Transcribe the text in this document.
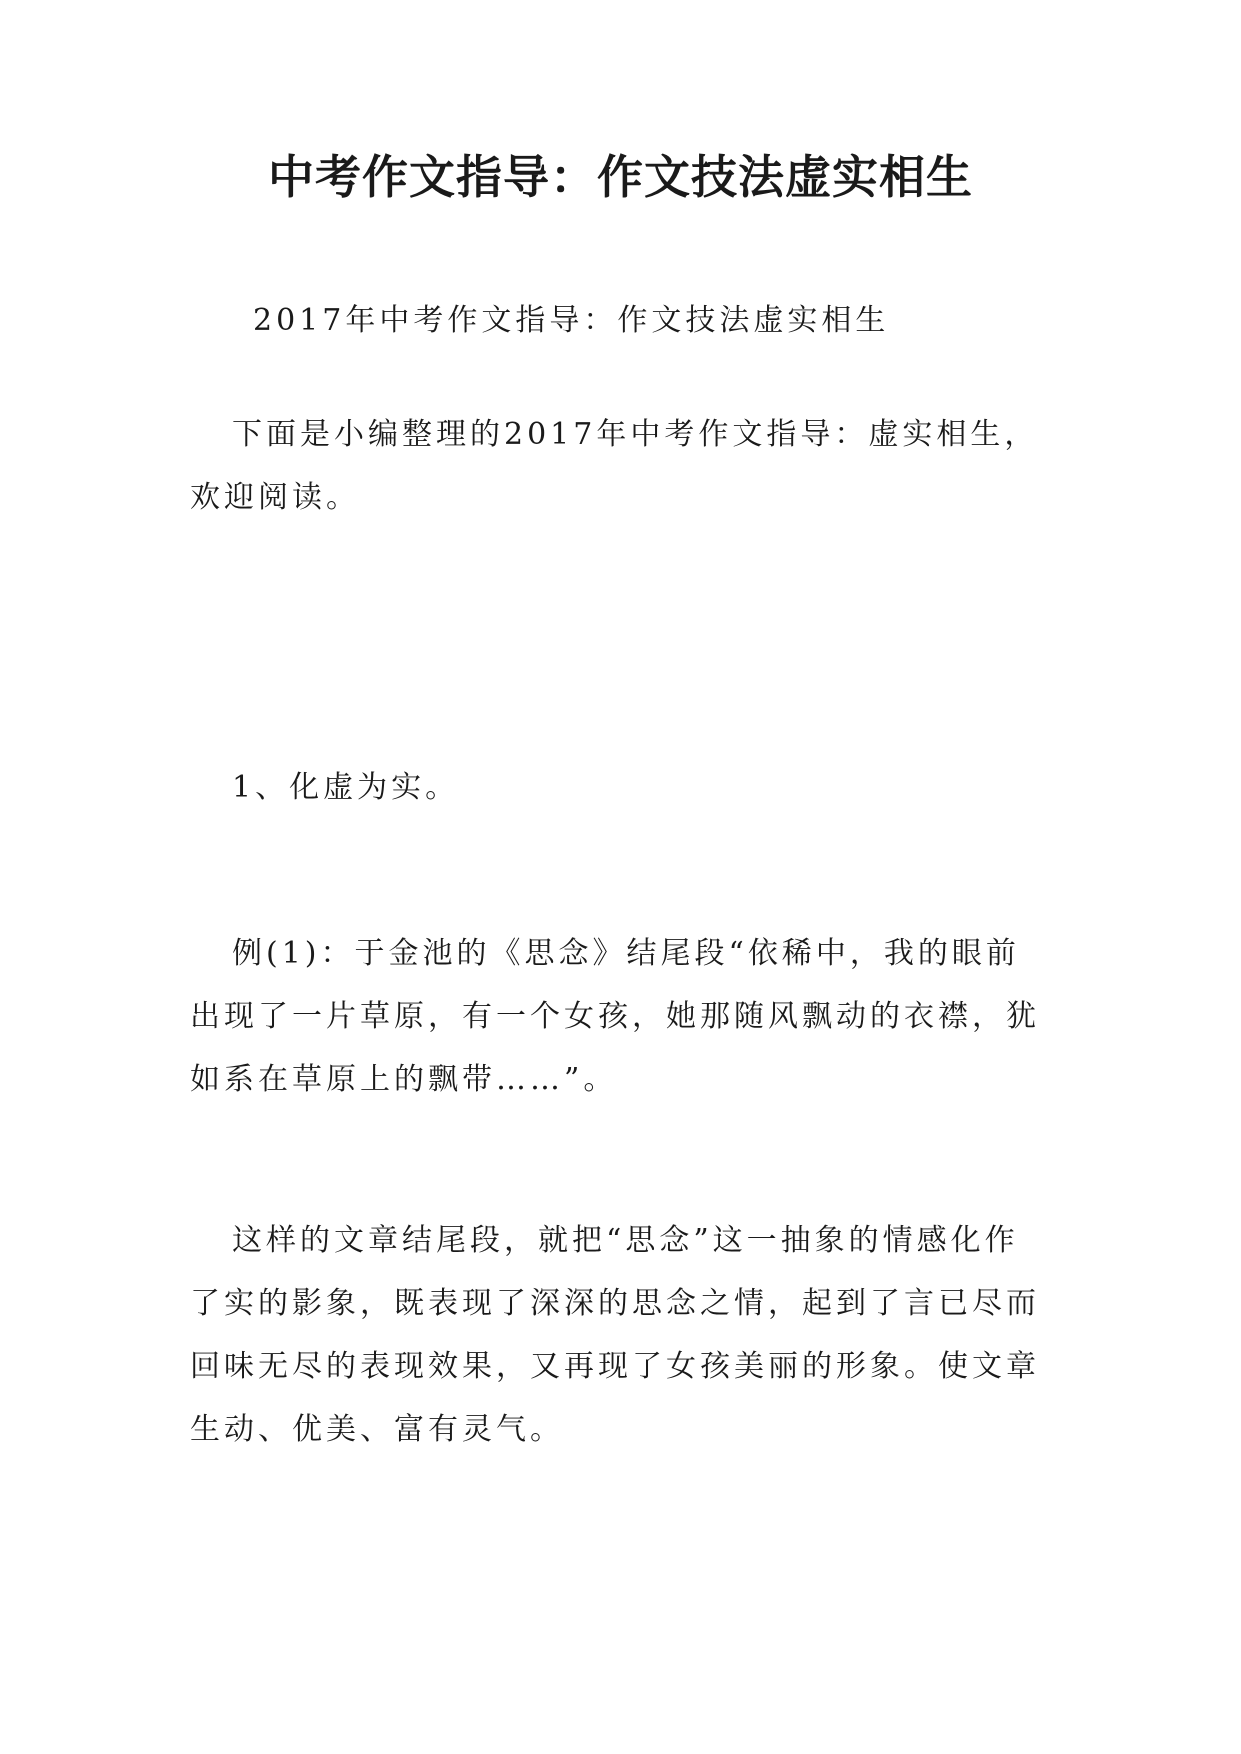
中考作文指导：作文技法虚实相生
2017年中考作文指导：作文技法虚实相生
下面是小编整理的2017年中考作文指导：虚实相生，欢迎阅读。
1、化虚为实。
例(1)：于金池的《思念》结尾段“依稀中，我的眼前出现了一片草原，有一个女孩，她那随风飘动的衣襟，犹如系在草原上的飘带……”。
这样的文章结尾段，就把“思念”这一抽象的情感化作了实的影象，既表现了深深的思念之情，起到了言已尽而回味无尽的表现效果，又再现了女孩美丽的形象。使文章生动、优美、富有灵气。
